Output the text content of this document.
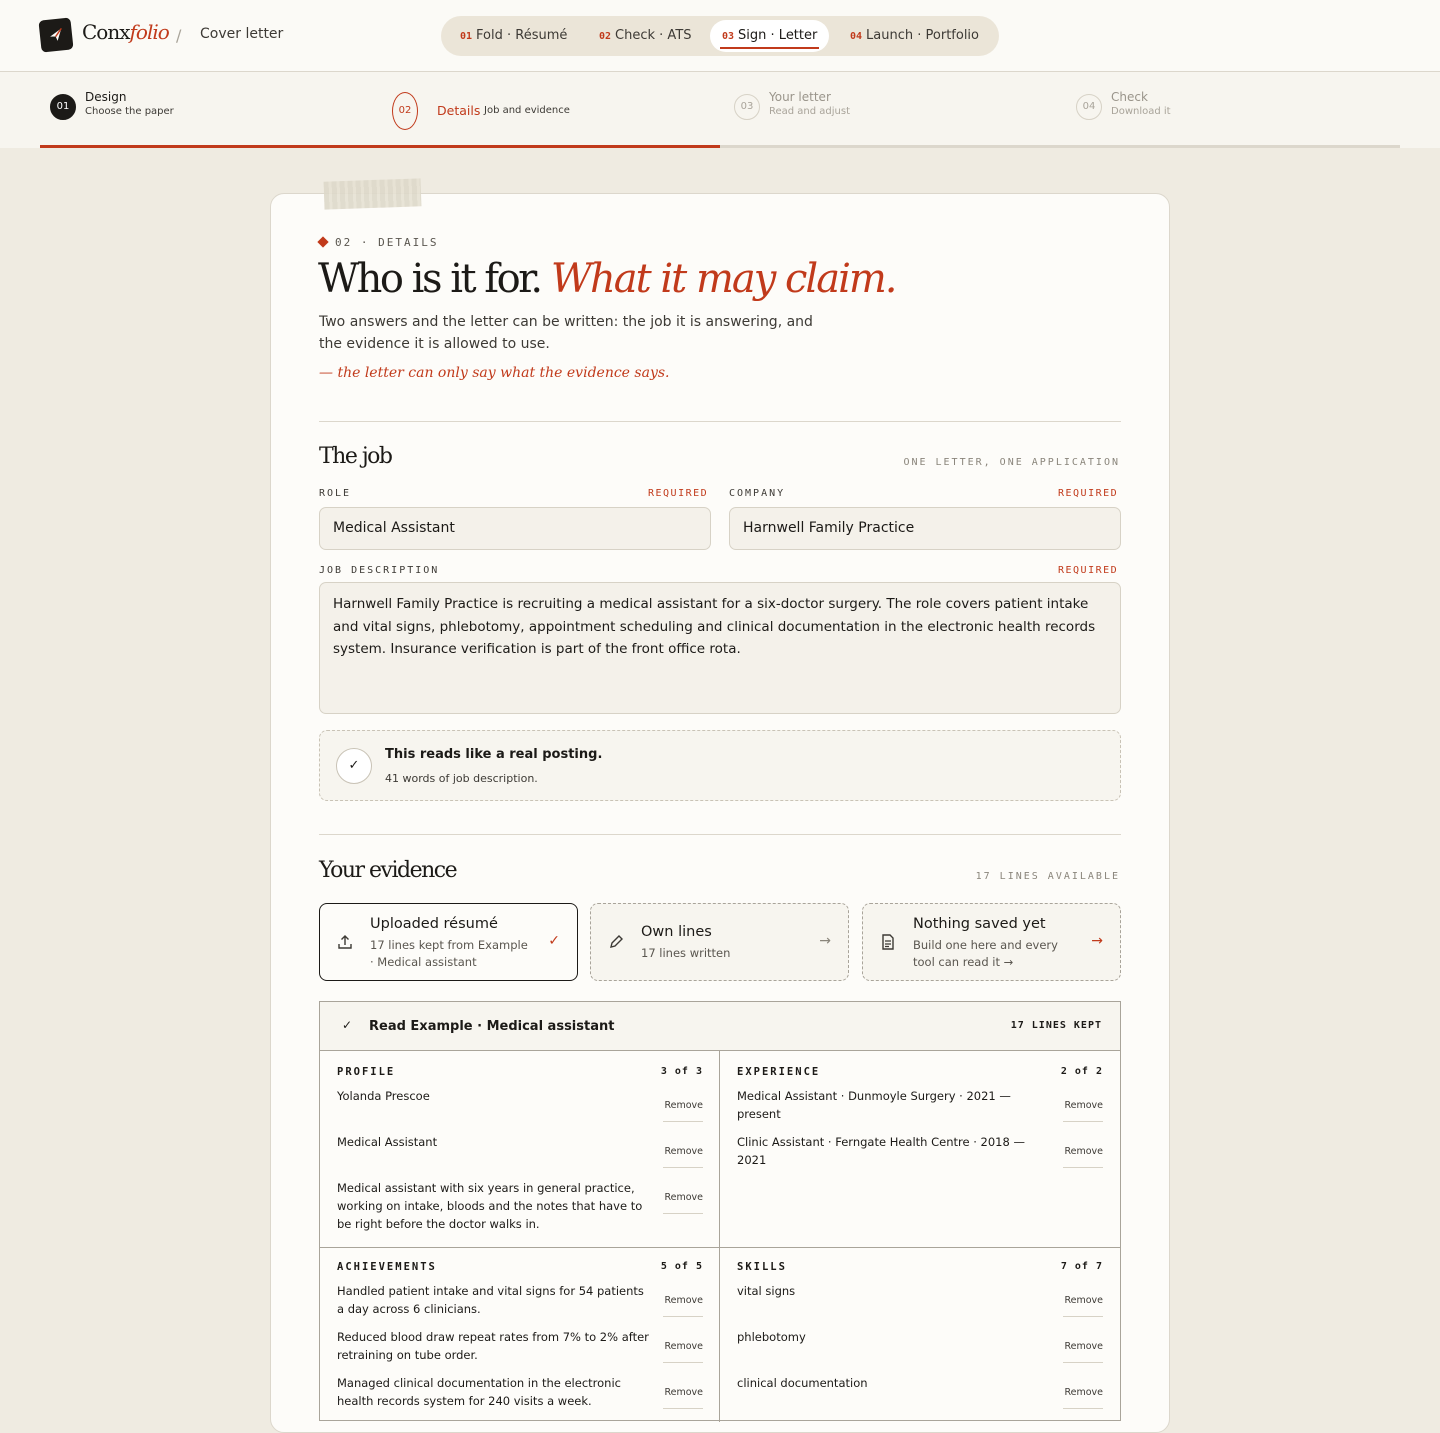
Conxfolio / Cover letter	01 Fold · Résumé	02 Check · ATS	03 Sign · Letter	04 Launch · Portfolio
01
Design
Choose the paper	02	Details Job and evidence	03
Your letter
Read and adjust	04
Check
Download it
02 · DETAILS
Who is it for. What it may claim.
Two answers and the letter can be written: the job it is answering, and the evidence it is allowed to use.
— the letter can only say what the evidence says.
The job	ONE LETTER, ONE APPLICATION
ROLE	REQUIRED COMPANY	REQUIRED
Medical Assistant	Harnwell Family Practice
JOB DESCRIPTION	REQUIRED
Harnwell Family Practice is recruiting a medical assistant for a six-doctor surgery. The role covers patient intake and vital signs, phlebotomy, appointment scheduling and clinical documentation in the electronic health records system. Insurance verification is part of the front office rota.
✓
This reads like a real posting.
41 words of job description.
Your evidence	17 LINES AVAILABLE
Uploaded résumé
17 lines kept from Example · Medical assistant
✓
Own lines
17 lines written
→
Nothing saved yet
Build one here and every tool can read it →
→
✓ Read Example · Medical assistant	17 LINES KEPT
PROFILE	3 of 3
Yolanda Prescoe
Remove
Medical Assistant
Remove
Medical assistant with six years in general practice, working on intake, bloods and the notes that have to be right before the doctor walks in.
Remove
EXPERIENCE	2 of 2
Medical Assistant · Dunmoyle Surgery · 2021 — present
Remove
Clinic Assistant · Ferngate Health Centre · 2018 — 2021
Remove
ACHIEVEMENTS	5 of 5
Handled patient intake and vital signs for 54 patients a day across 6 clinicians.
Remove
Reduced blood draw repeat rates from 7% to 2% after retraining on tube order.
Remove
Managed clinical documentation in the electronic health records system for 240 visits a week.
Remove
SKILLS	7 of 7
vital signs
Remove
phlebotomy
Remove
clinical documentation
Remove
